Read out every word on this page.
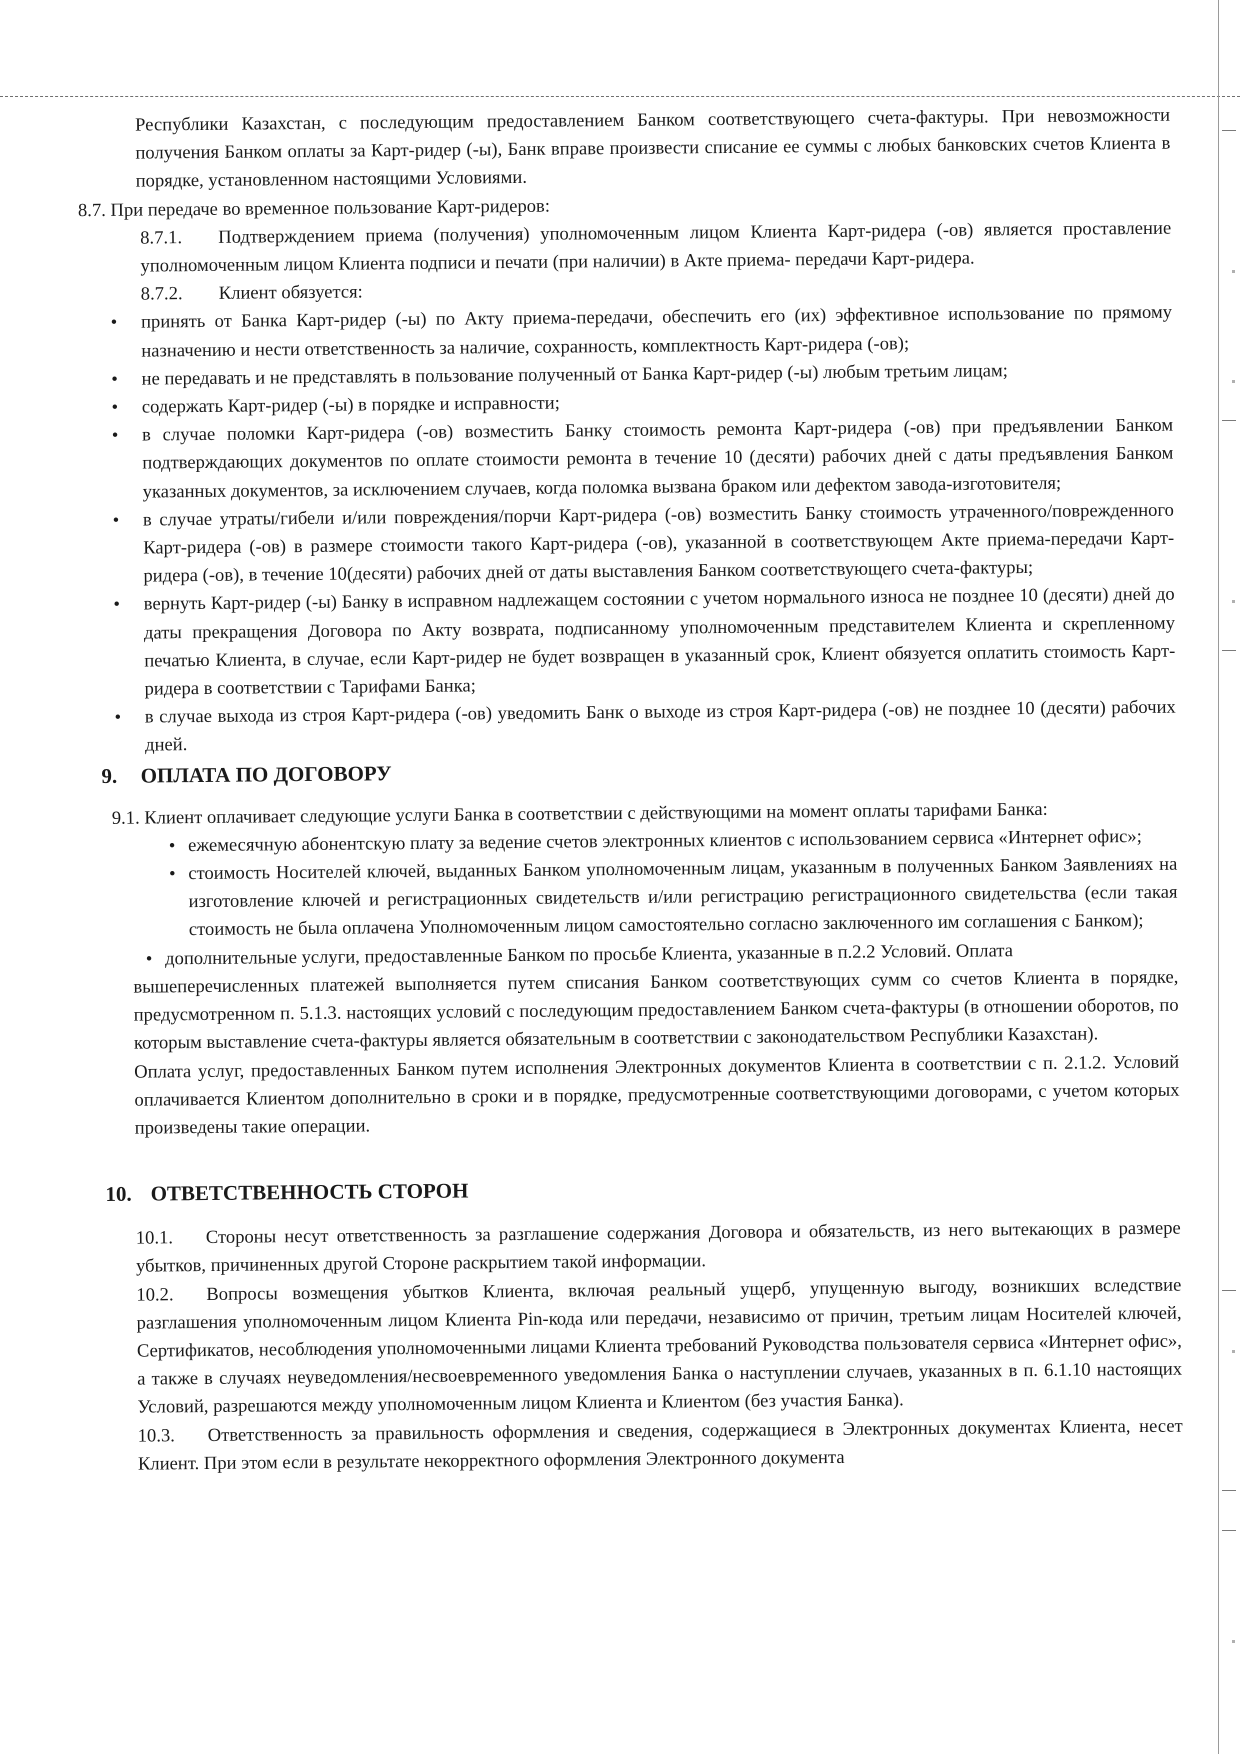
Республики Казахстан, с последующим предоставлением Банком соответствующего счета-фактуры. При невозможности получения Банком оплаты за Карт-ридер (-ы), Банк вправе произвести списание ее суммы с любых банковских счетов Клиента в порядке, установленном настоящими Условиями.

8.7. При передаче во временное пользование Карт-ридеров:

8.7.1. Подтверждением приема (получения) уполномоченным лицом Клиента Карт-ридера (-ов) является проставление уполномоченным лицом Клиента подписи и печати (при наличии) в Акте приема- передачи Карт-ридера.

8.7.2. Клиент обязуется:

•	принять от Банка Карт-ридер (-ы) по Акту приема-передачи, обеспечить его (их) эффективное использование по прямому назначению и нести ответственность за наличие, сохранность, комплектность Карт-ридера (-ов);

•	не передавать и не представлять в пользование полученный от Банка Карт-ридер (-ы) любым третьим лицам;

•	содержать Карт-ридер (-ы) в порядке и исправности;

•	в случае поломки Карт-ридера (-ов) возместить Банку стоимость ремонта Карт-ридера (-ов) при предъявлении Банком подтверждающих документов по оплате стоимости ремонта в течение 10 (десяти) рабочих дней с даты предъявления Банком указанных документов, за исключением случаев, когда поломка вызвана браком или дефектом завода-изготовителя;

•	в случае утраты/гибели и/или повреждения/порчи Карт-ридера (-ов) возместить Банку стоимость утраченного/поврежденного Карт-ридера (-ов) в размере стоимости такого Карт-ридера (-ов), указанной в соответствующем Акте приема-передачи Карт-ридера (-ов), в течение 10(десяти) рабочих дней от даты выставления Банком соответствующего счета-фактуры;

•	вернуть Карт-ридер (-ы) Банку в исправном надлежащем состоянии с учетом нормального износа не позднее 10 (десяти) дней до даты прекращения Договора по Акту возврата, подписанному уполномоченным представителем Клиента и скрепленному печатью Клиента, в случае, если Карт-ридер не будет возвращен в указанный срок, Клиент обязуется оплатить стоимость Карт-ридера в соответствии с Тарифами Банка;

•	в случае выхода из строя Карт-ридера (-ов) уведомить Банк о выходе из строя Карт-ридера (-ов) не позднее 10 (десяти) рабочих дней.

9. ОПЛАТА ПО ДОГОВОРУ

9.1. Клиент оплачивает следующие услуги Банка в соответствии с действующими на момент оплаты тарифами Банка:

• ежемесячную абонентскую плату за ведение счетов электронных клиентов с использованием сервиса «Интернет офис»;

• стоимость Носителей ключей, выданных Банком уполномоченным лицам, указанным в полученных Банком Заявлениях на изготовление ключей и регистрационных свидетельств и/или регистрацию регистрационного свидетельства (если такая стоимость не была оплачена Уполномоченным лицом самостоятельно согласно заключенного им соглашения с Банком);

• дополнительные услуги, предоставленные Банком по просьбе Клиента, указанные в п.2.2 Условий. Оплата

вышеперечисленных платежей выполняется путем списания Банком соответствующих сумм со счетов Клиента в порядке, предусмотренном п. 5.1.3. настоящих условий с последующим предоставлением Банком счета-фактуры (в отношении оборотов, по которым выставление счета-фактуры является обязательным в соответствии с законодательством Республики Казахстан).

Оплата услуг, предоставленных Банком путем исполнения Электронных документов Клиента в соответствии с п. 2.1.2. Условий оплачивается Клиентом дополнительно в сроки и в порядке, предусмотренные соответствующими договорами, с учетом которых произведены такие операции.

10. ОТВЕТСТВЕННОСТЬ СТОРОН

10.1. Стороны несут ответственность за разглашение содержания Договора и обязательств, из него вытекающих в размере убытков, причиненных другой Стороне раскрытием такой информации.

10.2. Вопросы возмещения убытков Клиента, включая реальный ущерб, упущенную выгоду, возникших вследствие разглашения уполномоченным лицом Клиента Pin-кода или передачи, независимо от причин, третьим лицам Носителей ключей, Сертификатов, несоблюдения уполномоченными лицами Клиента требований Руководства пользователя сервиса «Интернет офис», а также в случаях неуведомления/несвоевременного уведомления Банка о наступлении случаев, указанных в п. 6.1.10 настоящих Условий, разрешаются между уполномоченным лицом Клиента и Клиентом (без участия Банка).

10.3. Ответственность за правильность оформления и сведения, содержащиеся в Электронных документах Клиента, несет Клиент. При этом если в результате некорректного оформления Электронного документа
